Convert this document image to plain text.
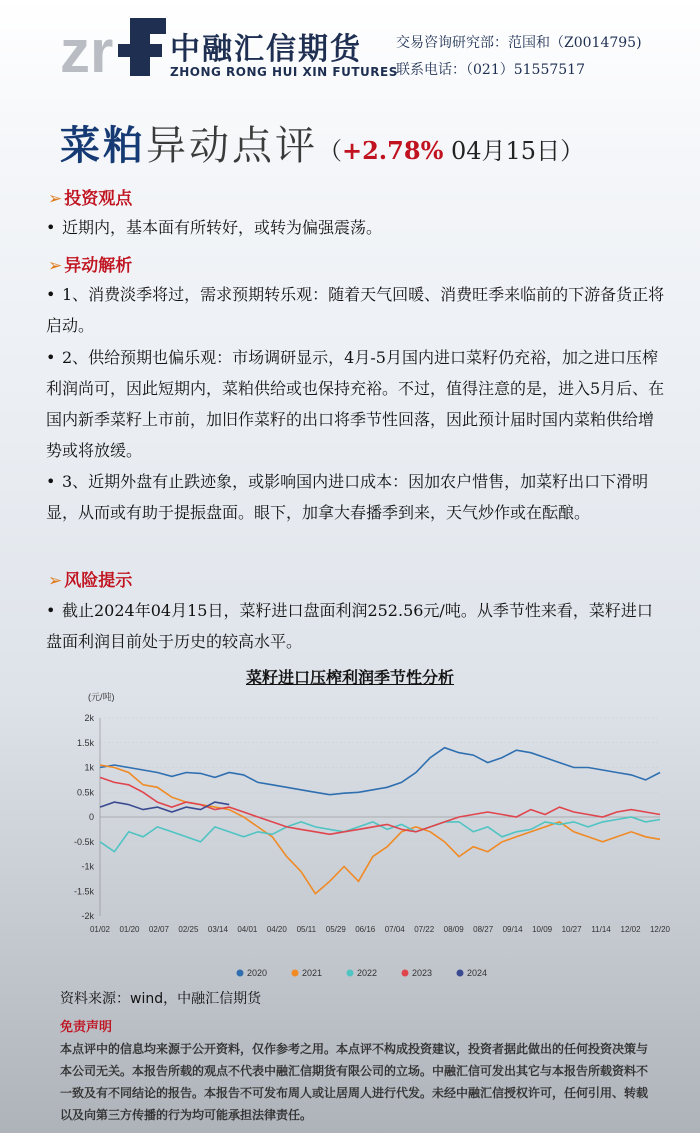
zr 中融汇信期货
ZHONG RONG HUI XIN FUTURES
交易咨询研究部：范国和（Z0014795)
联系电话：（021）51557517
菜粕异动点评（+2.78% 04月15日）
➢ 投资观点
• 近期内，基本面有所转好，或转为偏强震荡。
➢ 异动解析
• 1、消费淡季将过，需求预期转乐观：随着天气回暖、消费旺季来临前的下游备货正将启动。
• 2、供给预期也偏乐观：市场调研显示，4月-5月国内进口菜籽仍充裕，加之进口压榨利润尚可，因此短期内，菜粕供给或也保持充裕。不过，值得注意的是，进入5月后、在国内新季菜籽上市前，加旧作菜籽的出口将季节性回落，因此预计届时国内菜粕供给增势或将放缓。
• 3、近期外盘有止跌迹象，或影响国内进口成本：因加农户惜售，加菜籽出口下滑明显，从而或有助于提振盘面。眼下，加拿大春播季到来，天气炒作或在酝酿。
➢ 风险提示
• 截止2024年04月15日，菜籽进口盘面利润252.56元/吨。从季节性来看，菜籽进口盘面利润目前处于历史的较高水平。
菜籽进口压榨利润季节性分析
(元/吨)
2k
1.5k
1k
0.5k
0
-0.5k
-1k
-1.5k
-2k
01/02 01/20 02/07 02/25 03/14 04/01 04/20 05/11 05/29 06/16 07/04 07/22 08/09 08/27 09/14 10/09 10/27 11/14 12/02 12/20
2020	2021	2022	2023	2024
资料来源：wind，中融汇信期货
免责声明
本点评中的信息均来源于公开资料，仅作参考之用。本点评不构成投资建议，投资者据此做出的任何投资决策与本公司无关。本报告所载的观点不代表中融汇信期货有限公司的立场。中融汇信可发出其它与本报告所载资料不一致及有不同结论的报告。本报告不可发布周人或让居周人进行代发。未经中融汇信授权许可，任何引用、转载以及向第三方传播的行为均可能承担法律责任。
